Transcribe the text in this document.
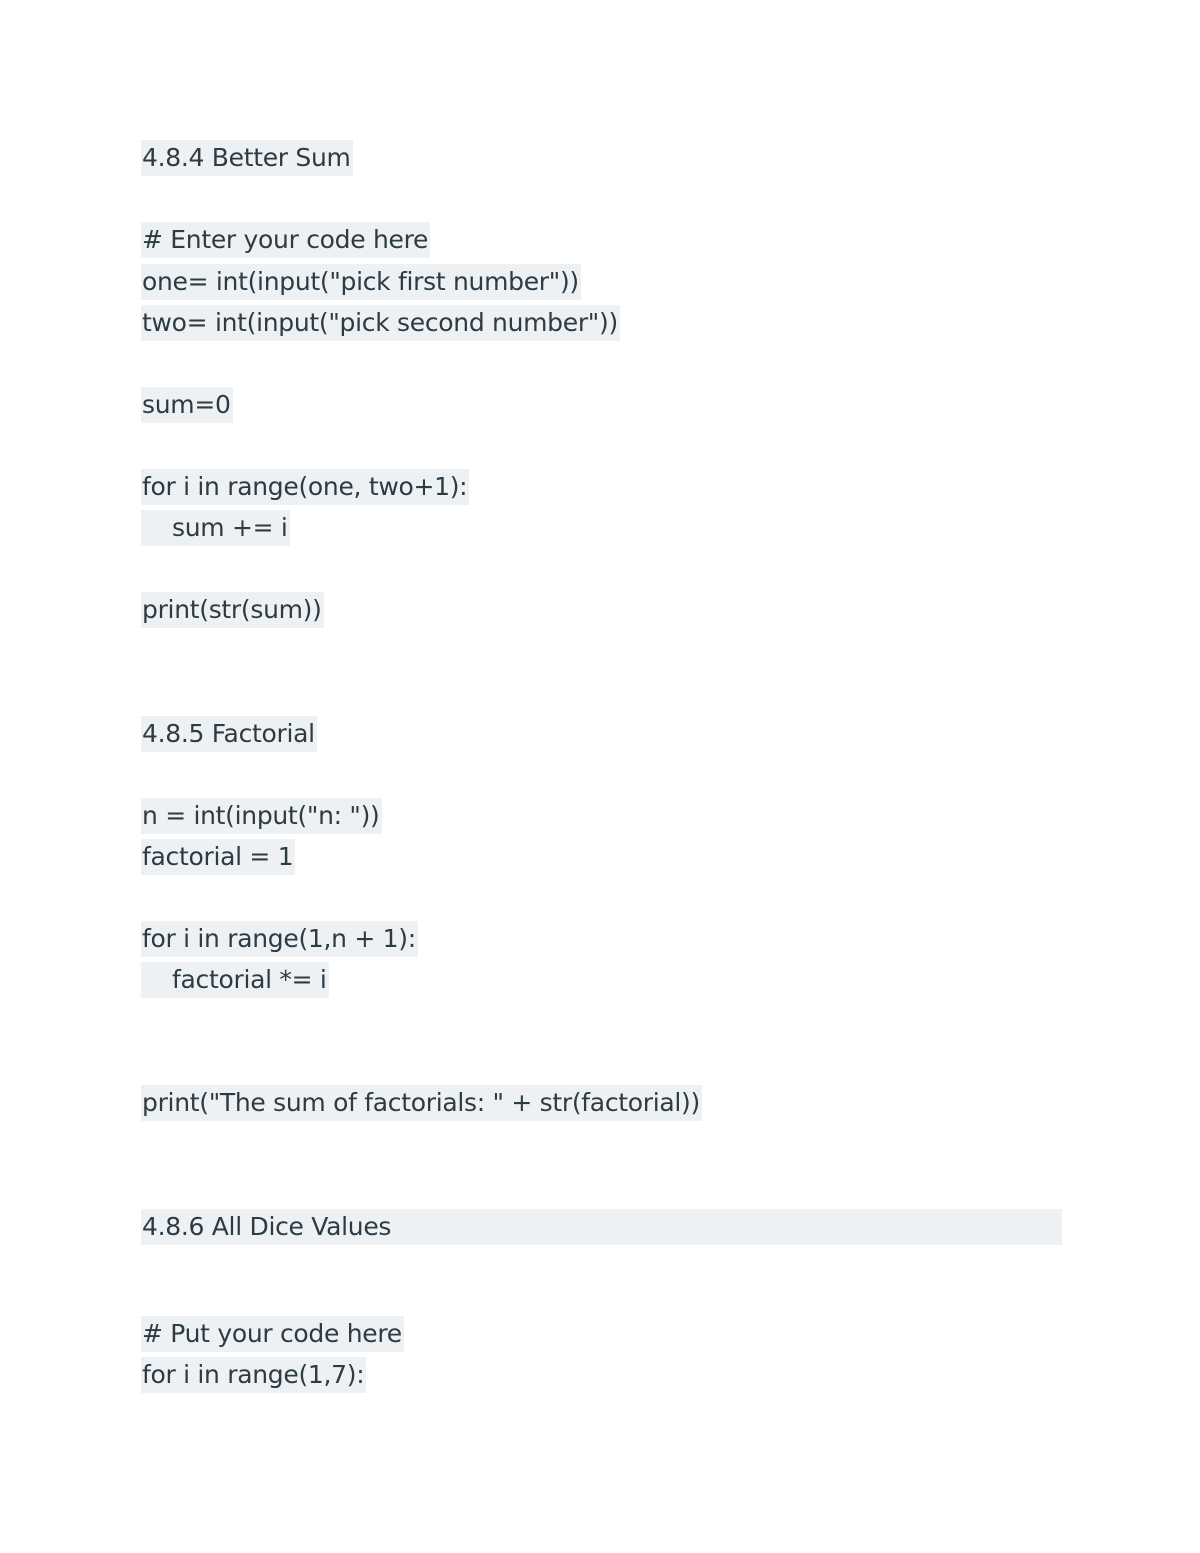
4.8.4 Better Sum
# Enter your code here
one= int(input("pick first number"))
two= int(input("pick second number"))
sum=0
for i in range(one, two+1):
sum += i
print(str(sum))
4.8.5 Factorial
n = int(input("n: "))
factorial = 1
for i in range(1,n + 1):
factorial *= i
print("The sum of factorials: " + str(factorial))
4.8.6 All Dice Values
# Put your code here
for i in range(1,7):
